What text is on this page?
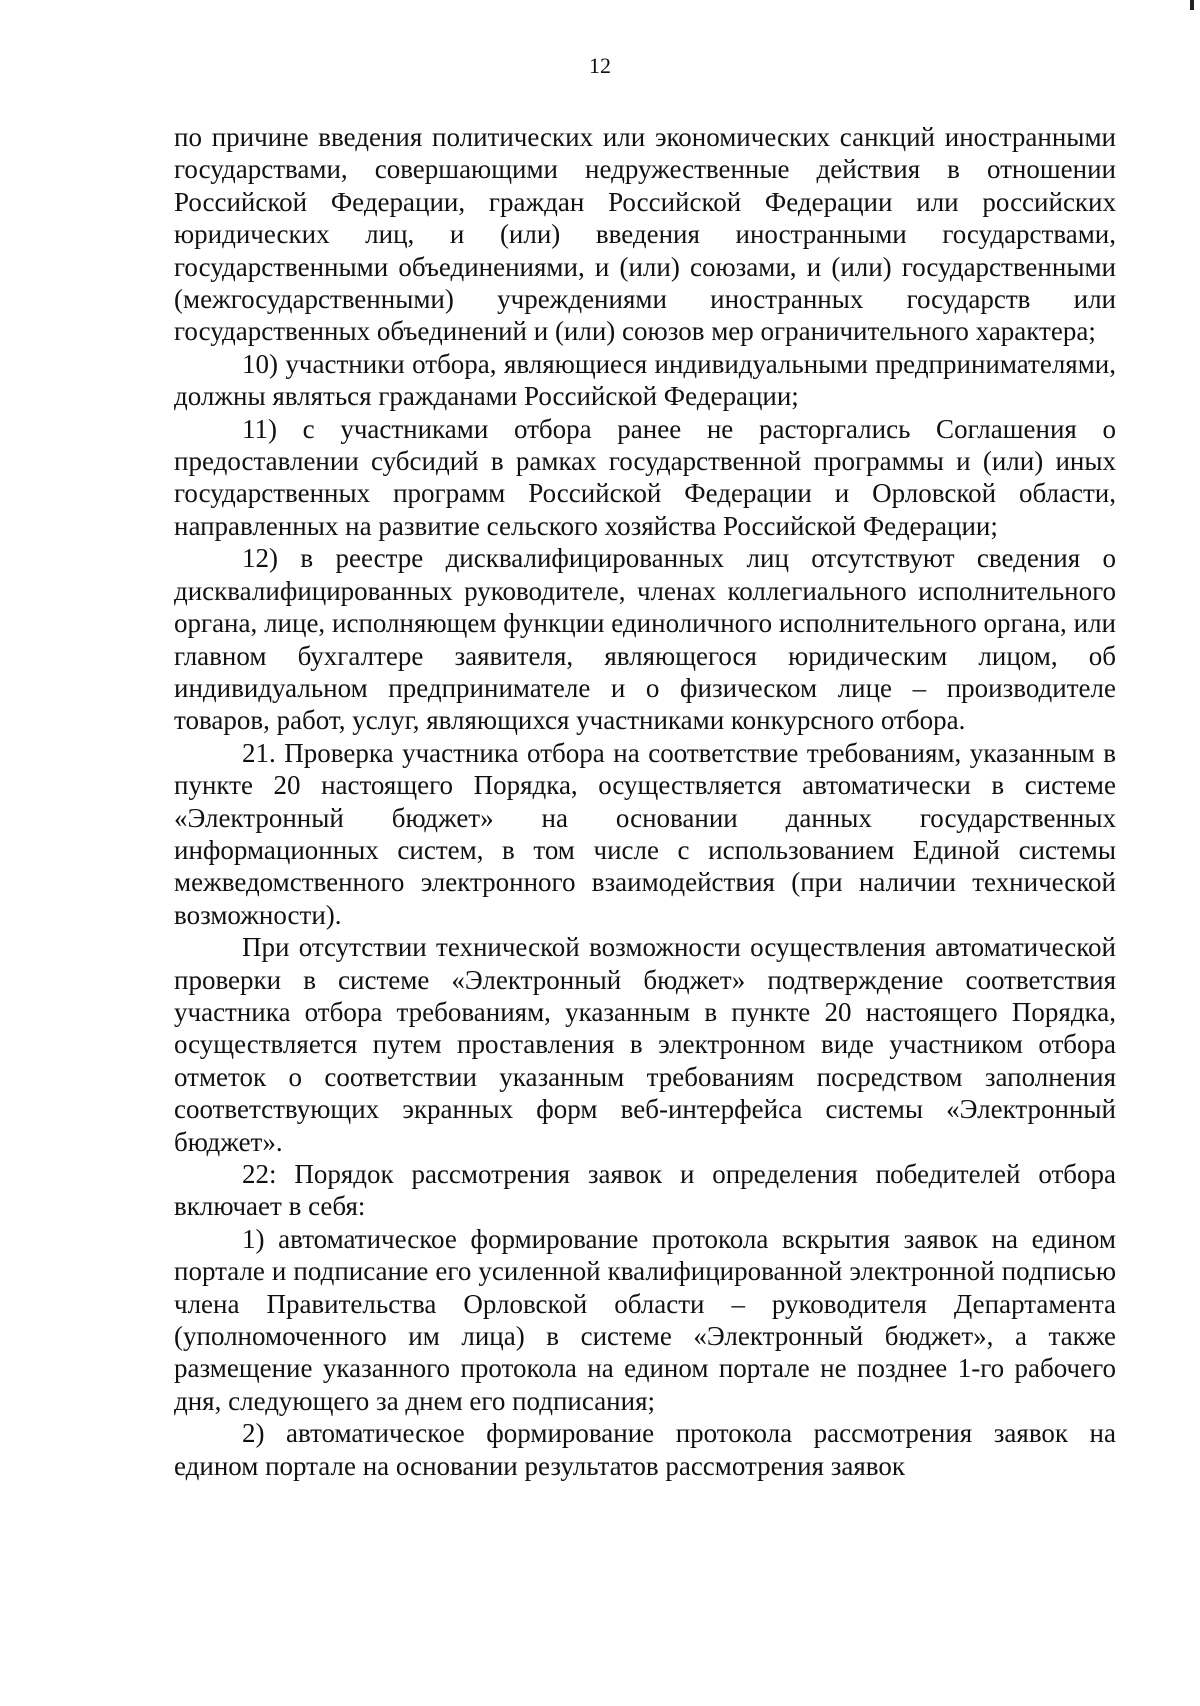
12

по причине введения политических или экономических санкций иностранными государствами, совершающими недружественные действия в отношении Российской Федерации, граждан Российской Федерации или российских юридических лиц, и (или) введения иностранными государствами, государственными объединениями, и (или) союзами, и (или) государственными (межгосударственными) учреждениями иностранных государств или государственных объединений и (или) союзов мер ограничительного характера;

10) участники отбора, являющиеся индивидуальными предпринимателями, должны являться гражданами Российской Федерации;

11) с участниками отбора ранее не расторгались Соглашения о предоставлении субсидий в рамках государственной программы и (или) иных государственных программ Российской Федерации и Орловской области, направленных на развитие сельского хозяйства Российской Федерации;

12) в реестре дисквалифицированных лиц отсутствуют сведения о дисквалифицированных руководителе, членах коллегиального исполнительного органа, лице, исполняющем функции единоличного исполнительного органа, или главном бухгалтере заявителя, являющегося юридическим лицом, об индивидуальном предпринимателе и о физическом лице – производителе товаров, работ, услуг, являющихся участниками конкурсного отбора.

21. Проверка участника отбора на соответствие требованиям, указанным в пункте 20 настоящего Порядка, осуществляется автоматически в системе «Электронный бюджет» на основании данных государственных информационных систем, в том числе с использованием Единой системы межведомственного электронного взаимодействия (при наличии технической возможности).

При отсутствии технической возможности осуществления автоматической проверки в системе «Электронный бюджет» подтверждение соответствия участника отбора требованиям, указанным в пункте 20 настоящего Порядка, осуществляется путем проставления в электронном виде участником отбора отметок о соответствии указанным требованиям посредством заполнения соответствующих экранных форм веб-интерфейса системы «Электронный бюджет».

22: Порядок рассмотрения заявок и определения победителей отбора включает в себя:

1) автоматическое формирование протокола вскрытия заявок на едином портале и подписание его усиленной квалифицированной электронной подписью члена Правительства Орловской области – руководителя Департамента (уполномоченного им лица) в системе «Электронный бюджет», а также размещение указанного протокола на едином портале не позднее 1-го рабочего дня, следующего за днем его подписания;

2) автоматическое формирование протокола рассмотрения заявок на едином портале на основании результатов рассмотрения заявок
